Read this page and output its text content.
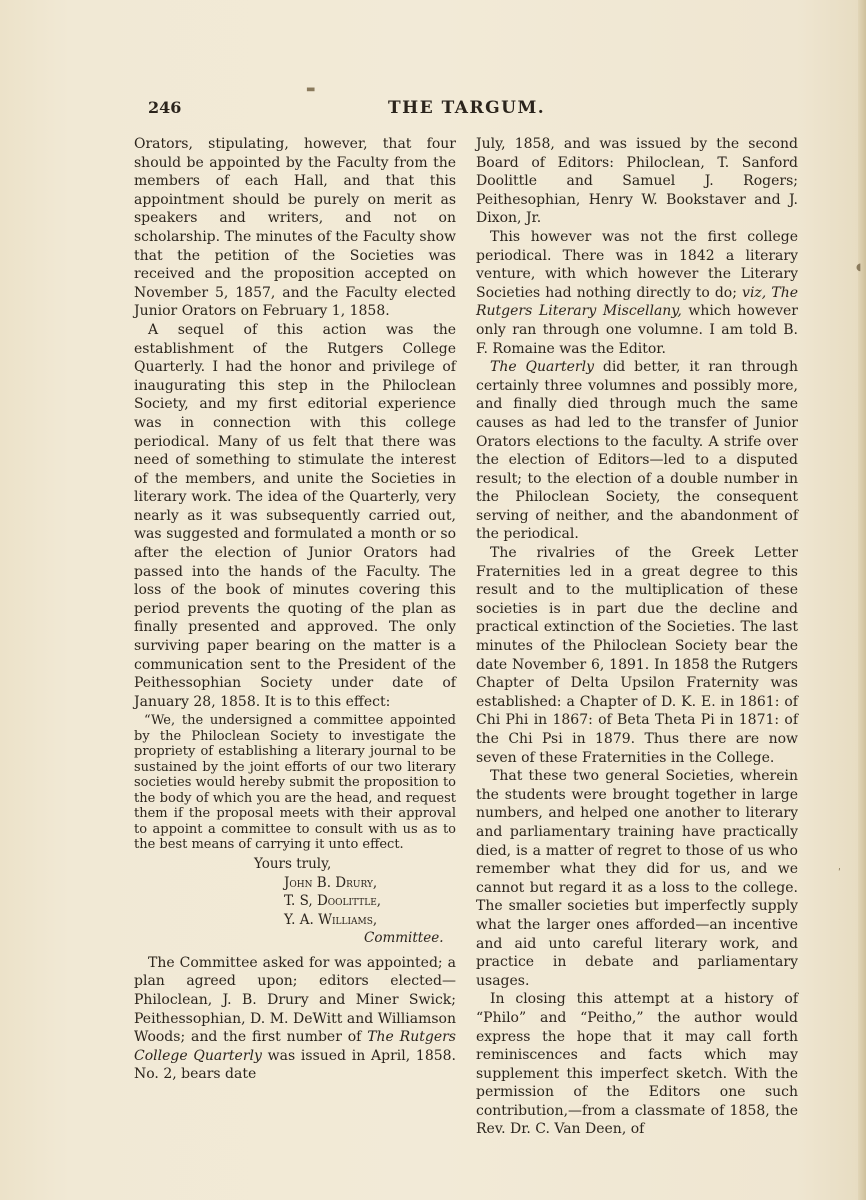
246	THE TARGUM.

Orators, stipulating, however, that four should be appointed by the Faculty from the members of each Hall, and that this appointment should be purely on merit as speakers and writers, and not on scholarship. The minutes of the Faculty show that the petition of the Societies was received and the proposition accepted on November 5, 1857, and the Faculty elected Junior Orators on February 1, 1858.

A sequel of this action was the establishment of the Rutgers College Quarterly. I had the honor and privilege of inaugurating this step in the Philoclean Society, and my first editorial experience was in connection with this college periodical. Many of us felt that there was need of something to stimulate the interest of the members, and unite the Societies in literary work. The idea of the Quarterly, very nearly as it was subsequently carried out, was suggested and formulated a month or so after the election of Junior Orators had passed into the hands of the Faculty. The loss of the book of minutes covering this period prevents the quoting of the plan as finally presented and approved. The only surviving paper bearing on the matter is a communication sent to the President of the Peithessophian Society under date of January 28, 1858. It is to this effect:

“We, the undersigned a committee appointed by the Philoclean Society to investigate the propriety of establishing a literary journal to be sustained by the joint efforts of our two literary societies would hereby submit the proposition to the body of which you are the head, and request them if the proposal meets with their approval to appoint a committee to consult with us as to the best means of carrying it unto effect.

Yours truly,
John B. Drury,
T. S, Doolittle,
Y. A. Williams,
Committee.

The Committee asked for was appointed; a plan agreed upon; editors elected—Philoclean, J. B. Drury and Miner Swick; Peithessophian, D. M. DeWitt and Williamson Woods; and the first number of The Rutgers College Quarterly was issued in April, 1858. No. 2, bears date

July, 1858, and was issued by the second Board of Editors: Philoclean, T. Sanford Doolittle and Samuel J. Rogers; Peithesophian, Henry W. Bookstaver and J. Dixon, Jr.

This however was not the first college periodical. There was in 1842 a literary venture, with which however the Literary Societies had nothing directly to do; viz, The Rutgers Literary Miscellany, which however only ran through one volumne. I am told B. F. Romaine was the Editor.

The Quarterly did better, it ran through certainly three volumnes and possibly more, and finally died through much the same causes as had led to the transfer of Junior Orators elections to the faculty. A strife over the election of Editors—led to a disputed result; to the election of a double number in the Philoclean Society, the consequent serving of neither, and the abandonment of the periodical.

The rivalries of the Greek Letter Fraternities led in a great degree to this result and to the multiplication of these societies is in part due the decline and practical extinction of the Societies. The last minutes of the Philoclean Society bear the date November 6, 1891. In 1858 the Rutgers Chapter of Delta Upsilon Fraternity was established: a Chapter of D. K. E. in 1861: of Chi Phi in 1867: of Beta Theta Pi in 1871: of the Chi Psi in 1879. Thus there are now seven of these Fraternities in the College.

That these two general Societies, wherein the students were brought together in large numbers, and helped one another to literary and parliamentary training have practically died, is a matter of regret to those of us who remember what they did for us, and we cannot but regard it as a loss to the college. The smaller societies but imperfectly supply what the larger ones afforded—an incentive and aid unto careful literary work, and practice in debate and parliamentary usages.

In closing this attempt at a history of “Philo” and “Peitho,” the author would express the hope that it may call forth reminiscences and facts which may supplement this imperfect sketch. With the permission of the Editors one such contribution,—from a classmate of 1858, the Rev. Dr. C. Van Deen, of

▬
◖
ʹ
